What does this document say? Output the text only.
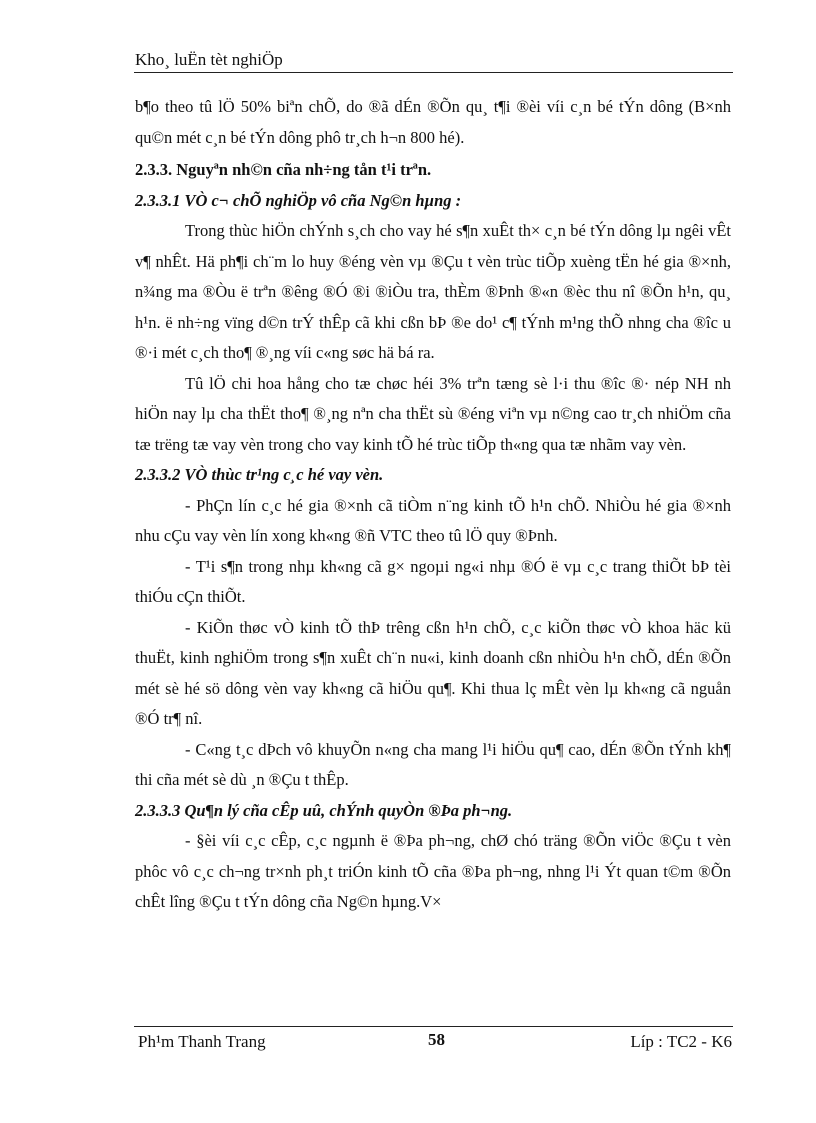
Kho¸ luËn tèt nghiÖp

b¶o theo tû lÖ 50% biªn chÕ, do ®ã dÉn ®Õn qu¸ t¶i ®èi víi c¸n bé tÝn dông (B×nh qu©n mét c¸n bé tÝn dông phô tr¸ch h¬n 800 hé).

2.3.3. Nguyªn nh©n cña nh÷ng tån t¹i trªn.

2.3.3.1 VÒ c¬ chÕ nghiÖp vô cña Ng©n hµng :

Trong thùc hiÖn chÝnh s¸ch cho vay hé s¶n xuÊt th× c¸n bé tÝn dông lµ ngêi vÊt v¶ nhÊt. Hä ph¶i ch¨m lo huy ®éng vèn vµ ®Çu t vèn trùc tiÕp xuèng tËn hé gia ®×nh, n¾ng ma ®Òu ë trªn ®êng ®Ó ®i ®iÒu tra, thÈm ®Þnh ®«n ®èc thu nî ®Õn h¹n, qu¸ h¹n. ë nh÷ng vïng d©n trÝ thÊp cã khi cßn bÞ ®e do¹ c¶ tÝnh m¹ng thÕ nhng cha ®îc u ®·i mét c¸ch tho¶ ®¸ng víi c«ng søc hä bá ra.

Tû lÖ chi hoa hång cho tæ chøc héi 3% trªn tæng sè l·i thu ®îc ®· nép NH nh hiÖn nay lµ cha thËt tho¶ ®¸ng nªn cha thËt sù ®éng viªn vµ n©ng cao tr¸ch nhiÖm cña tæ trëng tæ vay vèn trong cho vay kinh tÕ hé trùc tiÕp th«ng qua tæ nhãm vay vèn.

2.3.3.2 VÒ thùc tr¹ng c¸c hé vay vèn.

- PhÇn lín c¸c hé gia ®×nh cã tiÒm n¨ng kinh tÕ h¹n chÕ. NhiÒu hé gia ®×nh nhu cÇu vay vèn lín xong kh«ng ®ñ VTC theo tû lÖ quy ®Þnh.

- T¹i s¶n trong nhµ kh«ng cã g× ngoµi ng«i nhµ ®Ó ë vµ c¸c trang thiÕt bÞ tèi thiÓu cÇn thiÕt.

- KiÕn thøc vÒ kinh tÕ thÞ trêng cßn h¹n chÕ, c¸c kiÕn thøc vÒ khoa häc kü thuËt, kinh nghiÖm trong s¶n xuÊt ch¨n nu«i, kinh doanh cßn nhiÒu h¹n chÕ, dÉn ®Õn mét sè hé sö dông vèn vay kh«ng cã hiÖu qu¶. Khi thua lç mÊt vèn lµ kh«ng cã nguån ®Ó tr¶ nî.

- C«ng t¸c dÞch vô khuyÕn n«ng cha mang l¹i hiÖu qu¶ cao, dÉn ®Õn tÝnh kh¶ thi cña mét sè dù ¸n ®Çu t thÊp.

2.3.3.3 Qu¶n lý cña cÊp uû, chÝnh quyÒn ®Þa ph¬ng.

- §èi víi c¸c cÊp, c¸c ngµnh ë ®Þa ph¬ng, chØ chó träng ®Õn viÖc ®Çu t vèn phôc vô c¸c ch¬ng tr×nh ph¸t triÓn kinh tÕ cña ®Þa ph¬ng, nhng l¹i Ýt quan t©m ®Õn chÊt lîng ®Çu t tÝn dông cña Ng©n hµng.V×

Ph¹m Thanh Trang	58	Líp : TC2 - K6
